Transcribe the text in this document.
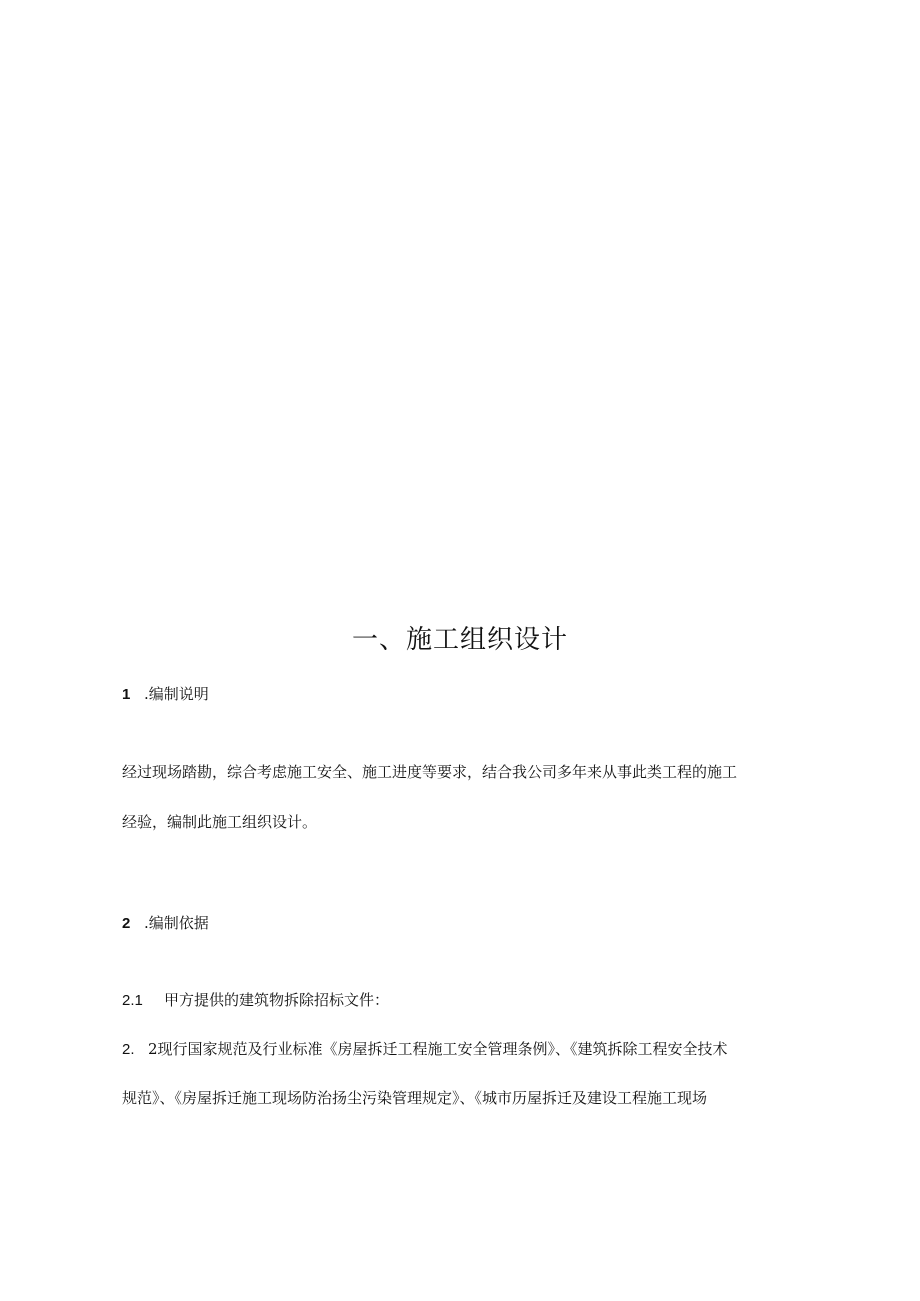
一、施工组织设计
1 .编制说明
经过现场踏勘，综合考虑施工安全、施工进度等要求，结合我公司多年来从事此类工程的施工
经验，编制此施工组织设计。
2 .编制依据
2.1 甲方提供的建筑物拆除招标文件：
2. 2现行国家规范及行业标准《房屋拆迁工程施工安全管理条例》、《建筑拆除工程安全技术
规范》、《房屋拆迁施工现场防治扬尘污染管理规定》、《城市历屋拆迁及建设工程施工现场
